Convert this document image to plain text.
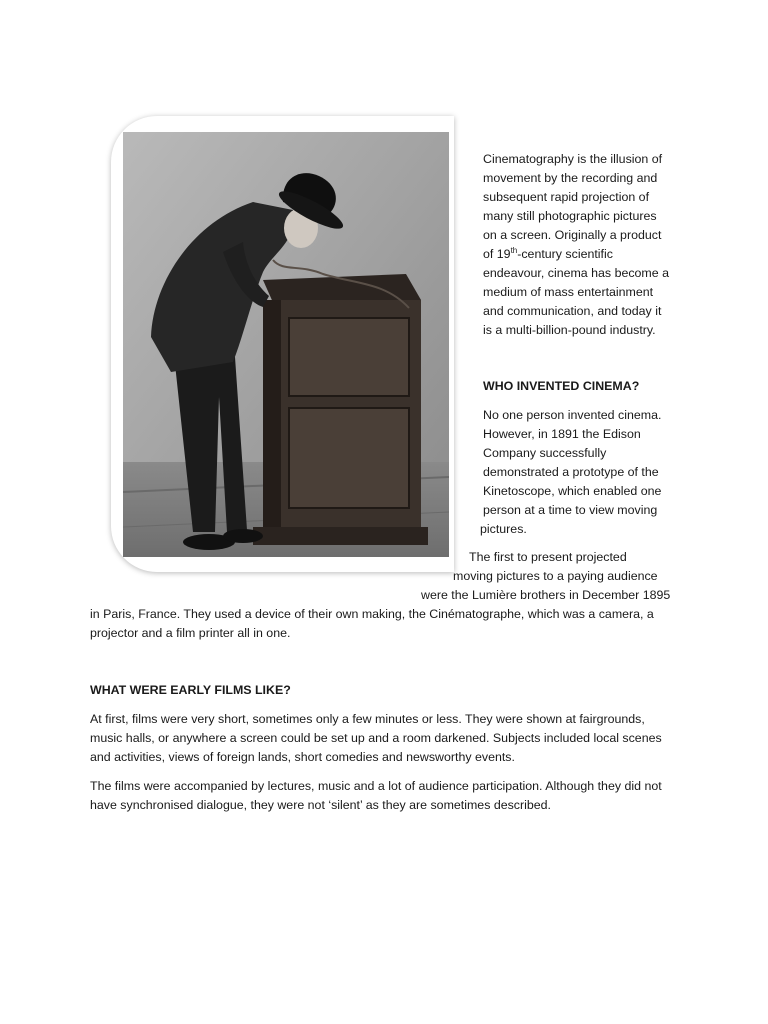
Cinematography is the illusion of
movement by the recording and
subsequent rapid projection of
many still photographic pictures
on a screen. Originally a product
of 19th-century scientific
endeavour, cinema has become a
medium of mass entertainment
and communication, and today it
is a multi-billion-pound industry.
WHO INVENTED CINEMA?
No one person invented cinema.
However, in 1891 the Edison
Company successfully
demonstrated a prototype of the
Kinetoscope, which enabled one
person at a time to view moving
pictures.
The first to present projected
moving pictures to a paying audience
were the Lumière brothers in December 1895
in Paris, France. They used a device of their own making, the Cinématographe, which was a camera, a
projector and a film printer all in one.
WHAT WERE EARLY FILMS LIKE?

At first, films were very short, sometimes only a few minutes or less. They were shown at fairgrounds, music halls, or anywhere a screen could be set up and a room darkened. Subjects included local scenes and activities, views of foreign lands, short comedies and newsworthy events.

The films were accompanied by lectures, music and a lot of audience participation. Although they did not have synchronised dialogue, they were not ‘silent’ as they are sometimes described.
